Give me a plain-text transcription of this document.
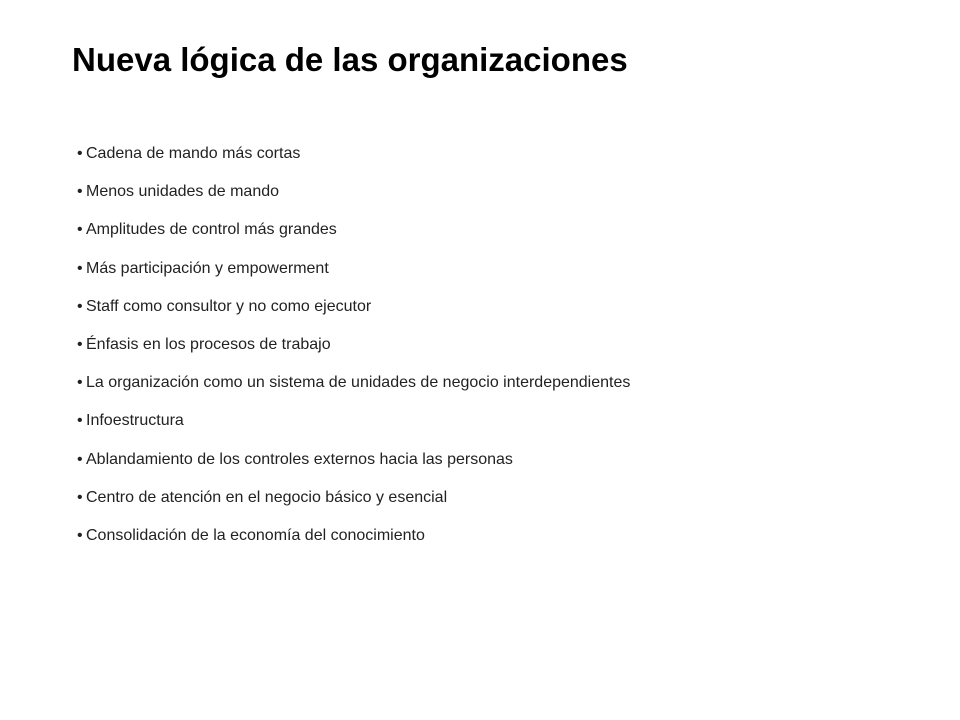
Nueva lógica de las organizaciones
• Cadena de mando más cortas
• Menos unidades de mando
• Amplitudes de control más grandes
• Más participación y empowerment
• Staff como consultor y no como ejecutor
• Énfasis en los procesos de trabajo
• La organización como un sistema de unidades de negocio interdependientes
• Infoestructura
• Ablandamiento de los controles externos hacia las personas
• Centro de atención en el negocio básico y esencial
• Consolidación de la economía del conocimiento
